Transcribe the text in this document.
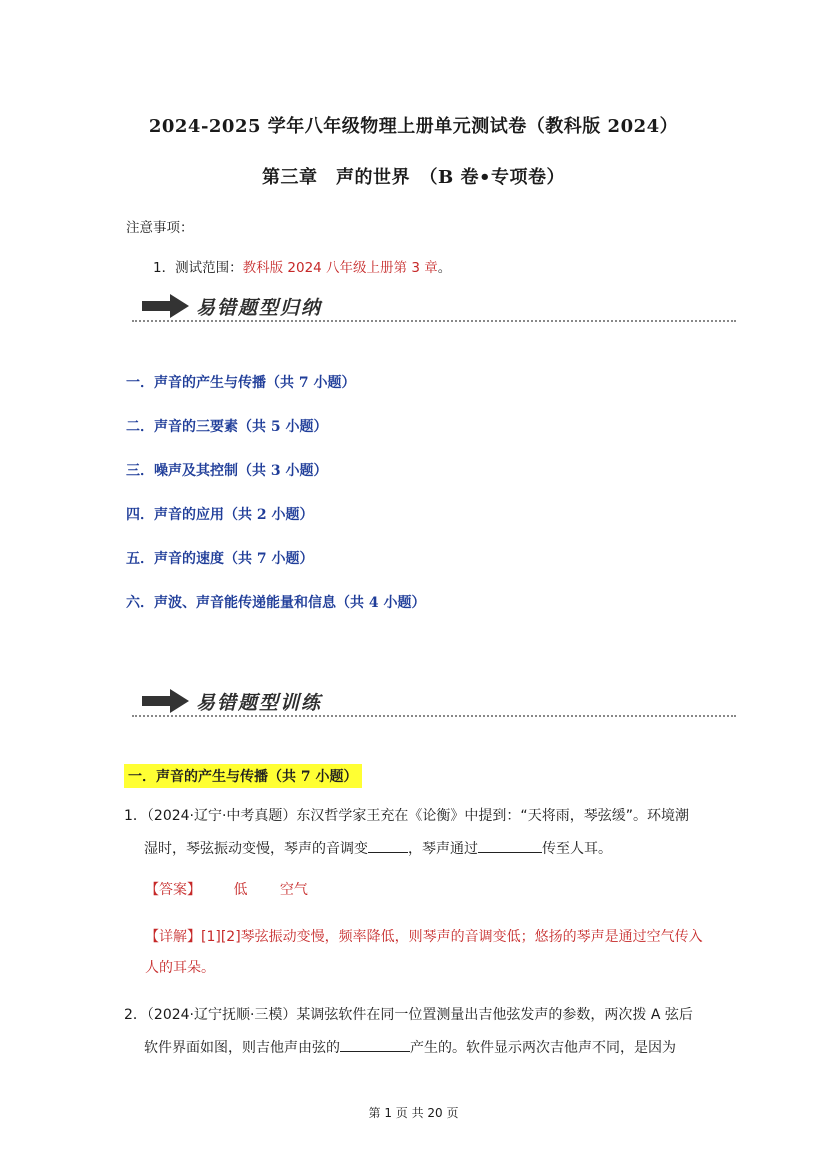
2024-2025 学年八年级物理上册单元测试卷（教科版 2024）
第三章　声的世界　（B 卷•专项卷）
注意事项：
1．测试范围：教科版 2024 八年级上册第 3 章。
易错题型归纳
一．声音的产生与传播（共 7 小题）
二．声音的三要素（共 5 小题）
三．噪声及其控制（共 3 小题）
四．声音的应用（共 2 小题）
五．声音的速度（共 7 小题）
六．声波、声音能传递能量和信息（共 4 小题）
易错题型训练
一．声音的产生与传播（共 7 小题）
1．（2024·辽宁·中考真题）东汉哲学家王充在《论衡》中提到：“天将雨，琴弦缓”。环境潮
湿时，琴弦振动变慢，琴声的音调变	，琴声通过	传至人耳。
【答案】 低 空气
【详解】[1][2]琴弦振动变慢，频率降低，则琴声的音调变低；悠扬的琴声是通过空气传入人的耳朵。
2．（2024·辽宁抚顺·三模）某调弦软件在同一位置测量出吉他弦发声的参数，两次拨 A 弦后
软件界面如图，则吉他声由弦的	产生的。软件显示两次吉他声不同，是因为
第 1 页 共 20 页
